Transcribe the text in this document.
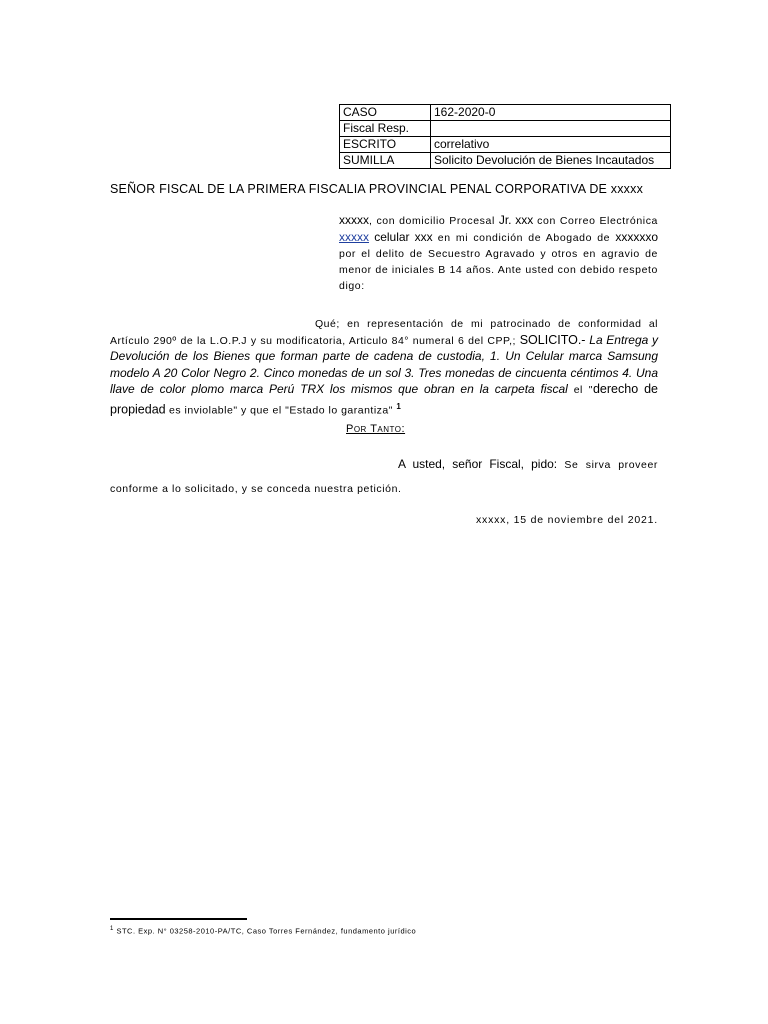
CASO	162-2020-0
Fiscal Resp.	
ESCRITO	correlativo
SUMILLA	Solicito Devolución de Bienes Incautados
SEÑOR FISCAL DE LA PRIMERA FISCALIA PROVINCIAL PENAL CORPORATIVA DE xxxxx
xxxxx, con domicilio Procesal Jr. xxx con Correo Electrónica xxxxx celular xxx en mi condición de Abogado de xxxxxxo por el delito de Secuestro Agravado y otros en agravio de menor de iniciales B 14 años. Ante usted con debido respeto digo:
Qué; en representación de mi patrocinado de conformidad al Artículo 290º de la L.O.P.J y su modificatoria, Articulo 84° numeral 6 del CPP,; SOLICITO.- La Entrega y Devolución de los Bienes que forman parte de cadena de custodia, 1. Un Celular marca Samsung modelo A 20 Color Negro 2. Cinco monedas de un sol 3. Tres monedas de cincuenta céntimos 4. Una llave de color plomo marca Perú TRX los mismos que obran en la carpeta fiscal el "derecho de propiedad es inviolable" y que el "Estado lo garantiza" $^1$
Por Tanto:
A usted, señor Fiscal, pido: Se sirva proveer conforme a lo solicitado, y se conceda nuestra petición.
xxxxx, 15 de noviembre del 2021.
$^1$ STC. Exp. N° 03258-2010-PA/TC, Caso Torres Fernández, fundamento jurídico
